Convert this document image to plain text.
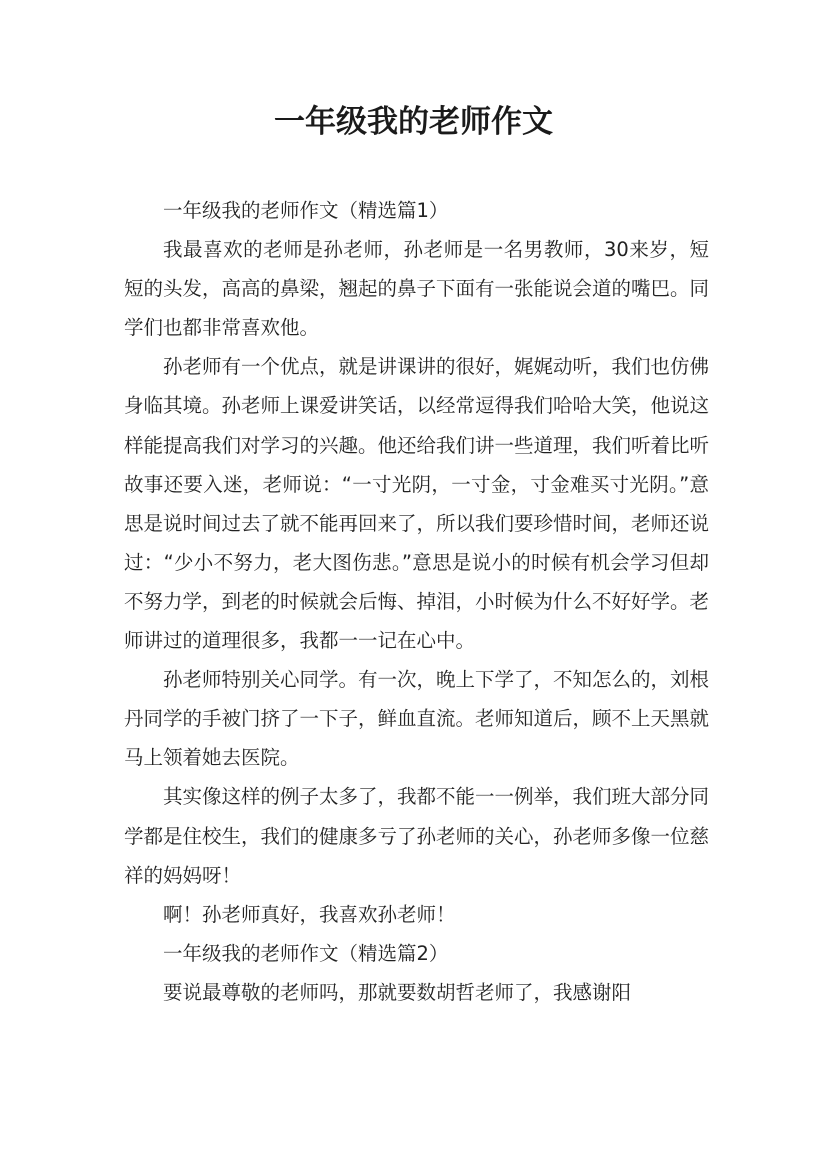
一年级我的老师作文

一年级我的老师作文（精选篇1）

我最喜欢的老师是孙老师，孙老师是一名男教师，30来岁，短短的头发，高高的鼻梁，翘起的鼻子下面有一张能说会道的嘴巴。同学们也都非常喜欢他。

孙老师有一个优点，就是讲课讲的很好，娓娓动听，我们也仿佛身临其境。孙老师上课爱讲笑话，以经常逗得我们哈哈大笑，他说这样能提高我们对学习的兴趣。他还给我们讲一些道理，我们听着比听故事还要入迷，老师说：“一寸光阴，一寸金，寸金难买寸光阴。”意思是说时间过去了就不能再回来了，所以我们要珍惜时间，老师还说过：“少小不努力，老大图伤悲。”意思是说小的时候有机会学习但却不努力学，到老的时候就会后悔、掉泪，小时候为什么不好好学。老师讲过的道理很多，我都一一记在心中。

孙老师特别关心同学。有一次，晚上下学了，不知怎么的，刘根丹同学的手被门挤了一下子，鲜血直流。老师知道后，顾不上天黑就马上领着她去医院。

其实像这样的例子太多了，我都不能一一例举，我们班大部分同学都是住校生，我们的健康多亏了孙老师的关心，孙老师多像一位慈祥的妈妈呀！

啊！孙老师真好，我喜欢孙老师！

一年级我的老师作文（精选篇2）

要说最尊敬的老师吗，那就要数胡哲老师了，我感谢阳
